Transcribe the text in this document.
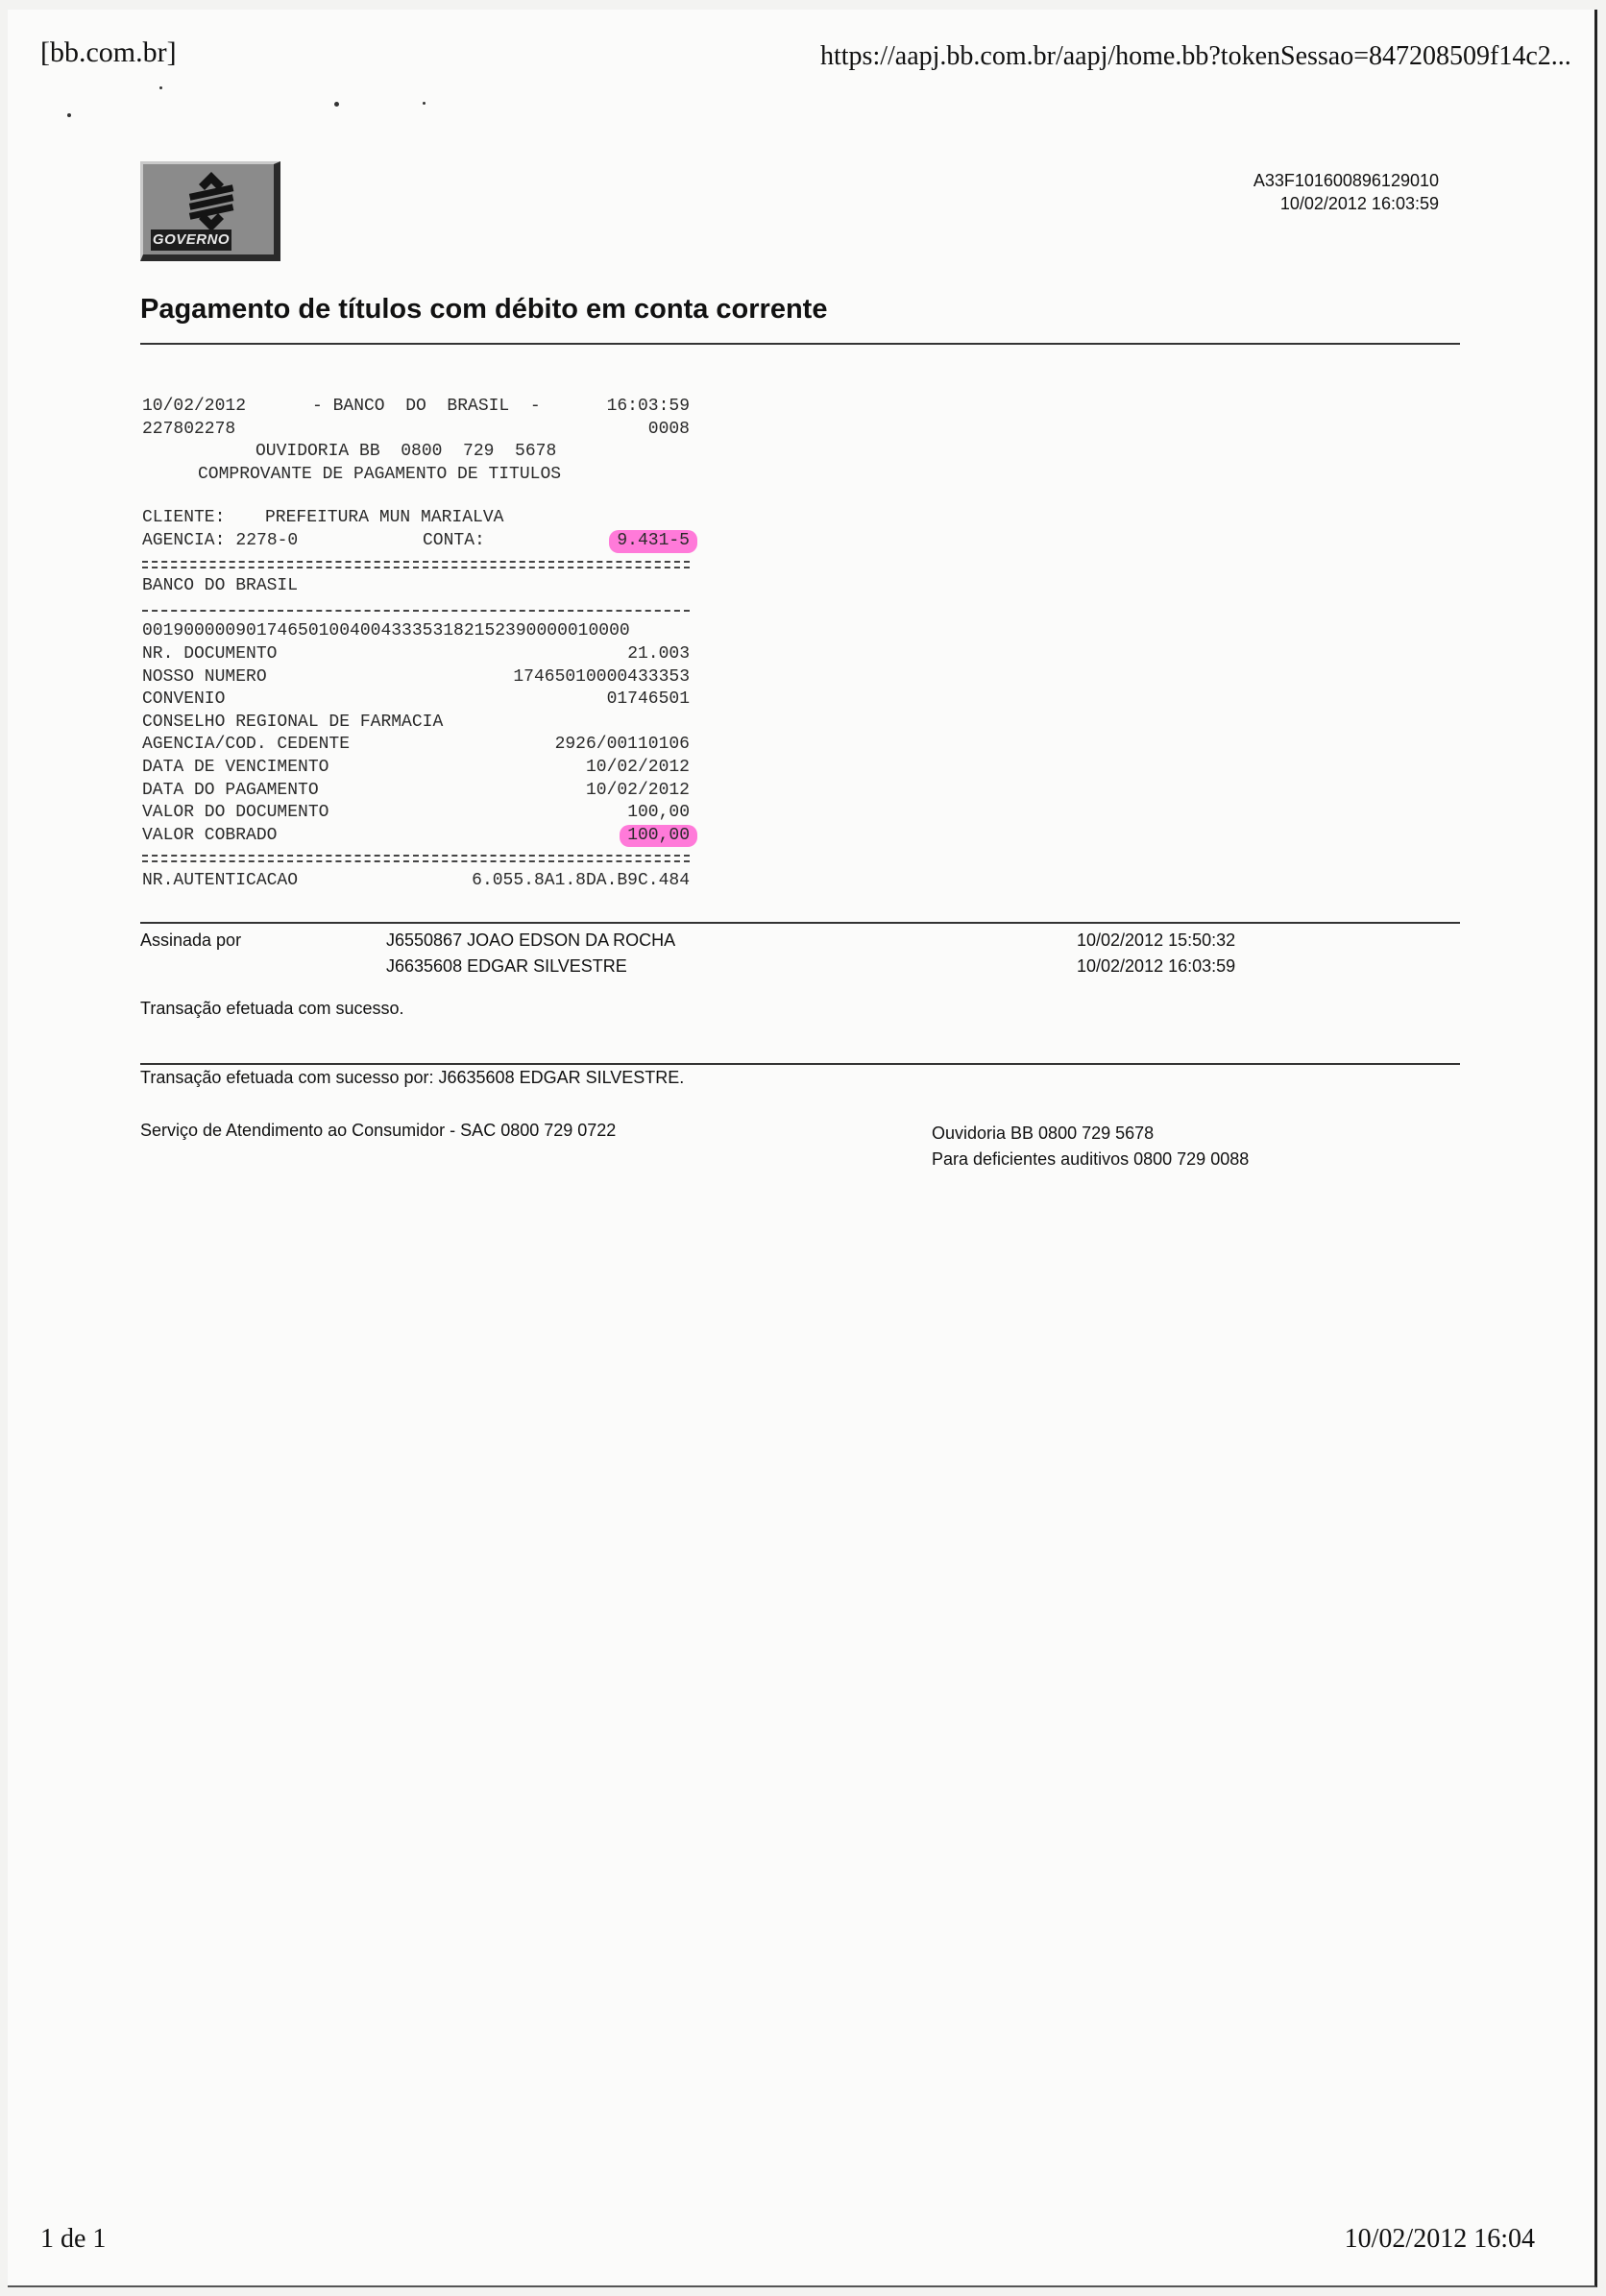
[bb.com.br]	https://aapj.bb.com.br/aapj/home.bb?tokenSessao=847208509f14c2...
GOVERNO
A33F101600896129010
10/02/2012 16:03:59
Pagamento de títulos com débito em conta corrente
10/02/2012	- BANCO  DO  BRASIL  -	16:03:59
227802278	0008
OUVIDORIA BB  0800  729  5678
COMPROVANTE DE PAGAMENTO DE TITULOS
CLIENTE:	PREFEITURA MUN MARIALVA
AGENCIA: 2278-0	CONTA:	9.431-5
BANCO DO BRASIL
00190000090174650100400433353182152390000010000
NR. DOCUMENTO	21.003
NOSSO NUMERO	17465010000433353
CONVENIO	01746501
CONSELHO REGIONAL DE FARMACIA
AGENCIA/COD. CEDENTE	2926/00110106
DATA DE VENCIMENTO	10/02/2012
DATA DO PAGAMENTO	10/02/2012
VALOR DO DOCUMENTO	100,00
VALOR COBRADO	100,00
NR.AUTENTICACAO	6.055.8A1.8DA.B9C.484
Assinada por	J6550867 JOAO EDSON DA ROCHA	10/02/2012 15:50:32
J6635608 EDGAR SILVESTRE	10/02/2012 16:03:59
Transação efetuada com sucesso.
Transação efetuada com sucesso por: J6635608 EDGAR SILVESTRE.
Serviço de Atendimento ao Consumidor - SAC 0800 729 0722	Ouvidoria BB 0800 729 5678
Para deficientes auditivos 0800 729 0088
1 de 1	10/02/2012 16:04
